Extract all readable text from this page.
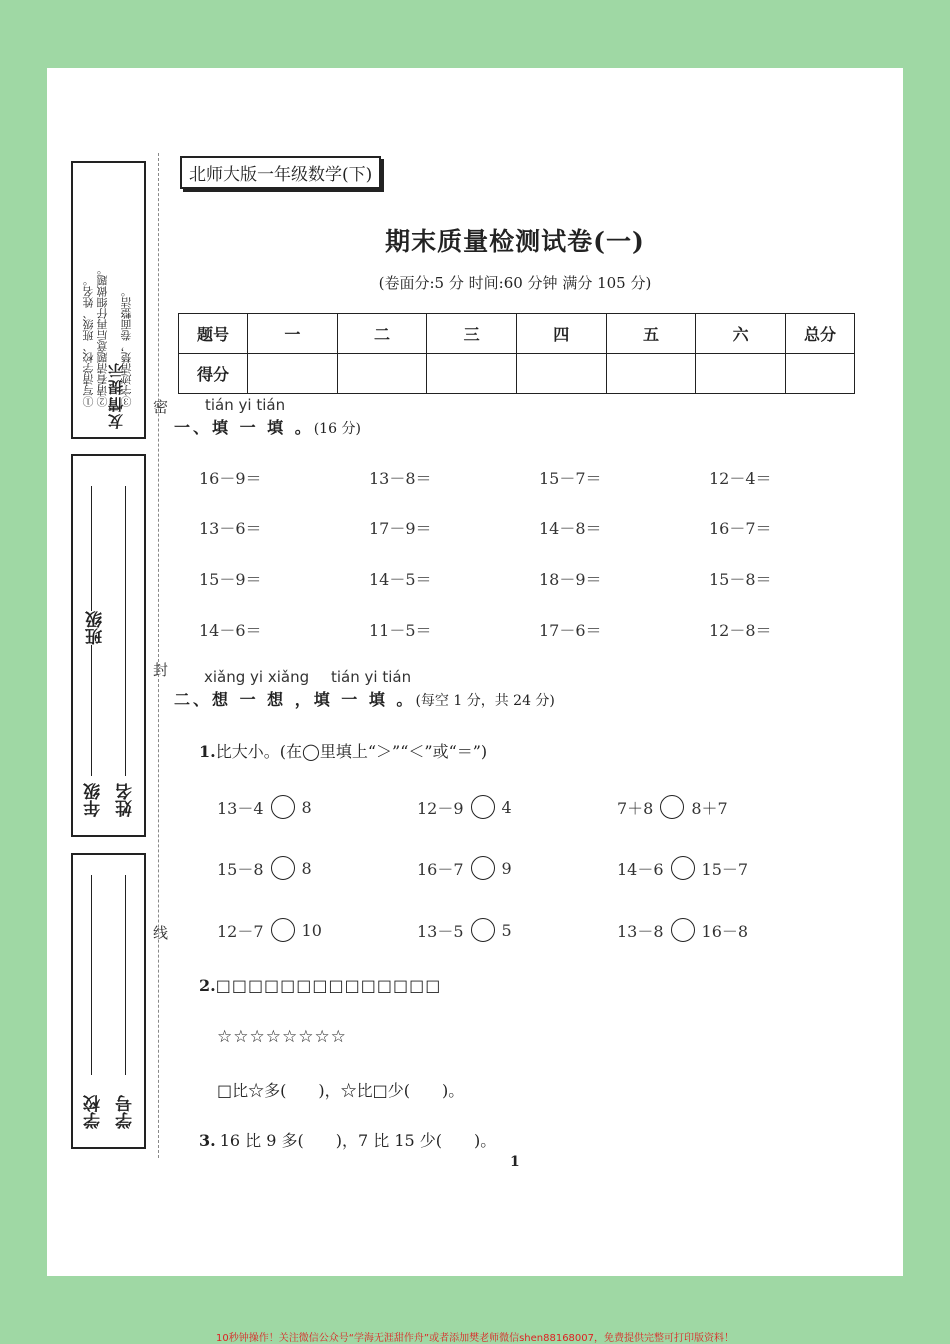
友情提示
①写清学校、班级、姓名。 ②请看清题意后再仔细做题。 ③字迹清楚，卷面整洁。
年级 姓名
班级
学校 学号
密
封
线
北师大版一年级数学(下)
期末质量检测试卷(一)
(卷面分:5 分 时间:60 分钟 满分 105 分)
题号	一	二	三	四	五	六	总分
得分							
tián yi tián
一、填 一 填 。(16 分)
16－9＝	13－8＝	15－7＝	12－4＝
13－6＝	17－9＝	14－8＝	16－7＝
15－9＝	14－5＝	18－9＝	15－8＝
14－6＝	11－5＝	17－6＝	12－8＝
xiǎng yi xiǎng tián yi tián
二、想 一 想 ，填 一 填 。(每空 1 分，共 24 分)
1.比大小。(在◯里填上“＞”“＜”或“＝”)
13－4 8	12－9 4	7＋8 8＋7
15－8 8	16－7 9	14－6 15－7
12－7 10	13－5 5	13－8 16－8
2.□□□□□□□□□□□□□□
☆☆☆☆☆☆☆☆
□比☆多(　　)，☆比□少(　　)。
3. 16 比 9 多(　　)，7 比 15 少(　　)。
1
10秒钟操作！关注微信公众号“学海无涯甜作舟”或者添加樊老师微信shen88168007，免费提供完整可打印版资料！
